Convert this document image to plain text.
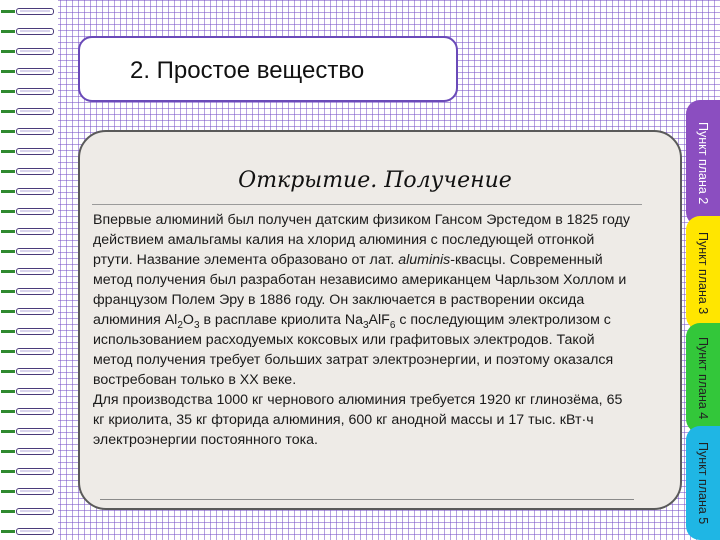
2. Простое вещество
Открытие. Получение
Впервые алюминий был получен датским физиком Гансом Эрстедом в 1825 году действием амальгамы калия на хлорид алюминия с последующей отгонкой ртути. Название элемента образовано от лат. aluminis-квасцы. Современный метод получения был разработан независимо американцем Чарльзом Холлом и французом Полем Эру в 1886 году. Он заключается в растворении оксида алюминия $Al_2O_3$ в расплаве криолита $Na_3AlF_6$ с последующим электролизом с использованием расходуемых коксовых или графитовых электродов. Такой метод получения требует больших затрат электроэнергии, и поэтому оказался востребован только в XX веке.
Для производства 1000 кг чернового алюминия требуется 1920 кг глинозёма, 65 кг криолита, 35 кг фторида алюминия, 600 кг анодной массы и 17 тыс. кВт·ч электроэнергии постоянного тока.
Пункт плана 2
Пункт плана 3
Пункт плана 4
Пункт плана 5
